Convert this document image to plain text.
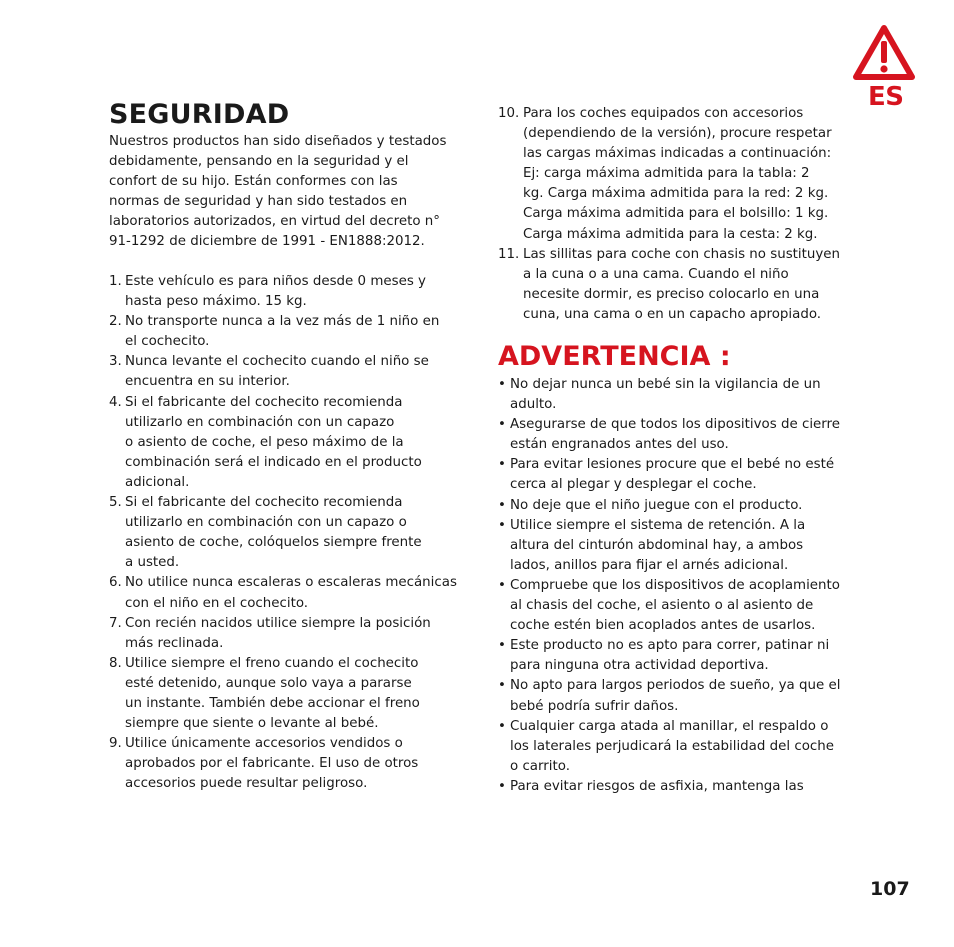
ES

SEGURIDAD

Nuestros productos han sido diseñados y testados
debidamente, pensando en la seguridad y el
confort de su hijo. Están conformes con las
normas de seguridad y han sido testados en
laboratorios autorizados, en virtud del decreto n°
91-1292 de diciembre de 1991 - EN1888:2012.

1. Este vehículo es para niños desde 0 meses y
hasta peso máximo. 15 kg.
2. No transporte nunca a la vez más de 1 niño en
el cochecito.
3. Nunca levante el cochecito cuando el niño se
encuentra en su interior.
4. Si el fabricante del cochecito recomienda
utilizarlo en combinación con un capazo
o asiento de coche, el peso máximo de la
combinación será el indicado en el producto
adicional.
5. Si el fabricante del cochecito recomienda
utilizarlo en combinación con un capazo o
asiento de coche, colóquelos siempre frente
a usted.
6. No utilice nunca escaleras o escaleras mecánicas
con el niño en el cochecito.
7. Con recién nacidos utilice siempre la posición
más reclinada.
8. Utilice siempre el freno cuando el cochecito
esté detenido, aunque solo vaya a pararse
un instante. También debe accionar el freno
siempre que siente o levante al bebé.
9. Utilice únicamente accesorios vendidos o
aprobados por el fabricante. El uso de otros
accesorios puede resultar peligroso.
10. Para los coches equipados con accesorios
(dependiendo de la versión), procure respetar
las cargas máximas indicadas a continuación:
Ej: carga máxima admitida para la tabla: 2
kg. Carga máxima admitida para la red: 2 kg.
Carga máxima admitida para el bolsillo: 1 kg.
Carga máxima admitida para la cesta: 2 kg.
11. Las sillitas para coche con chasis no sustituyen
a la cuna o a una cama. Cuando el niño
necesite dormir, es preciso colocarlo en una
cuna, una cama o en un capacho apropiado.
ADVERTENCIA :
• No dejar nunca un bebé sin la vigilancia de un
adulto.
• Asegurarse de que todos los dipositivos de cierre
están engranados antes del uso.
• Para evitar lesiones procure que el bebé no esté
cerca al plegar y desplegar el coche.
• No deje que el niño juegue con el producto.
• Utilice siempre el sistema de retención. A la
altura del cinturón abdominal hay, a ambos
lados, anillos para fijar el arnés adicional.
• Compruebe que los dispositivos de acoplamiento
al chasis del coche, el asiento o al asiento de
coche estén bien acoplados antes de usarlos.
• Este producto no es apto para correr, patinar ni
para ninguna otra actividad deportiva.
• No apto para largos periodos de sueño, ya que el
bebé podría sufrir daños.
• Cualquier carga atada al manillar, el respaldo o
los laterales perjudicará la estabilidad del coche
o carrito.
• Para evitar riesgos de asfixia, mantenga las

107
